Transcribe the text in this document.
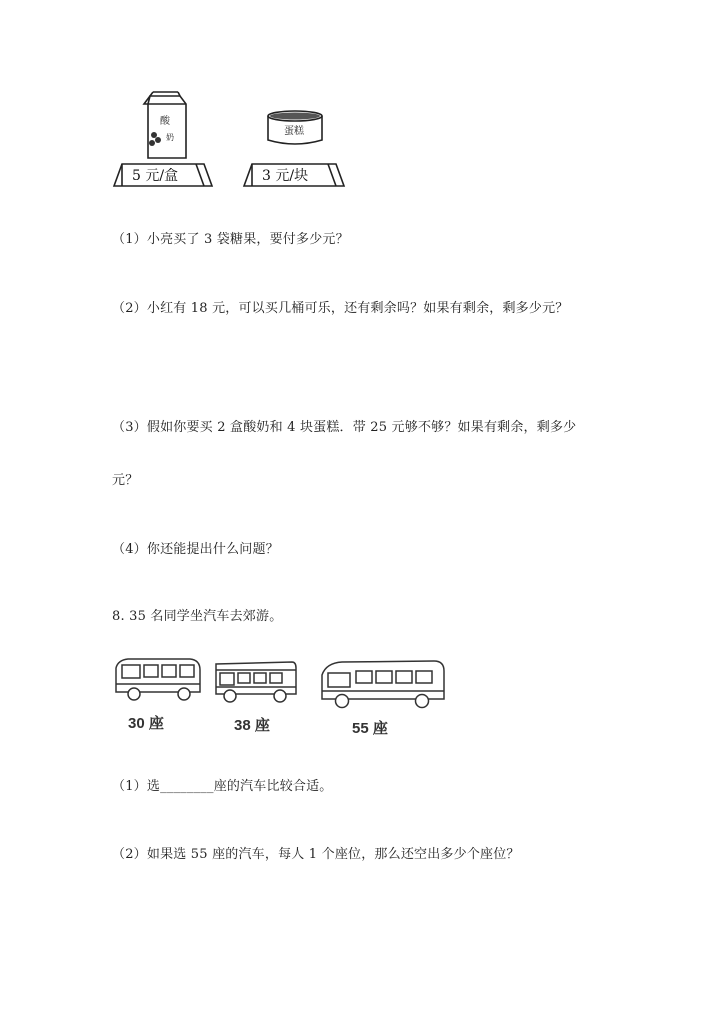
酸
奶
5 元/盒
蛋糕
3 元/块
（1）小亮买了 3 袋糖果，要付多少元？
（2）小红有 18 元，可以买几桶可乐，还有剩余吗？如果有剩余，剩多少元？
（3）假如你要买 2 盒酸奶和 4 块蛋糕．带 25 元够不够？如果有剩余，剩多少
元？
（4）你还能提出什么问题？
8. 35 名同学坐汽车去郊游。
30 座	38 座	55 座
（1）选________座的汽车比较合适。
（2）如果选 55 座的汽车，每人 1 个座位，那么还空出多少个座位？
